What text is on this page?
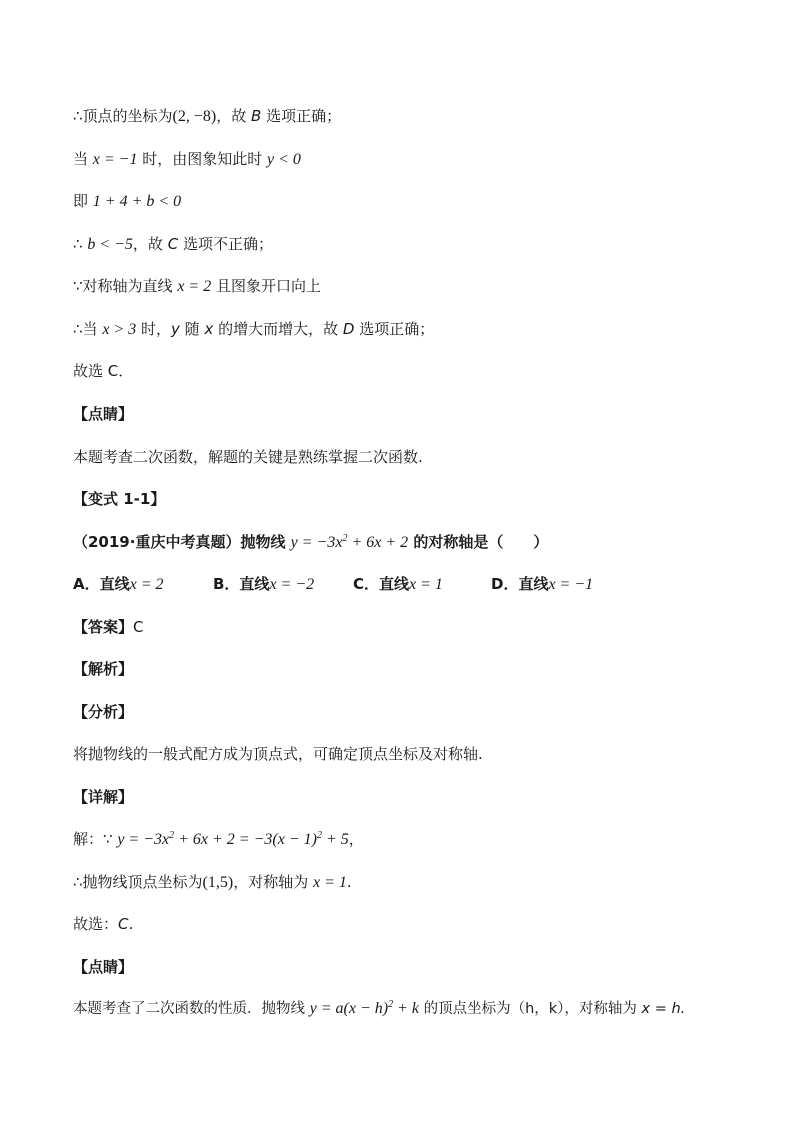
∴顶点的坐标为(2, −8)，故 B 选项正确；
当 x = −1 时，由图象知此时 y < 0
即 1 + 4 + b < 0
∴ b < −5，故 C 选项不正确；
∵对称轴为直线 x = 2 且图象开口向上
∴当 x > 3 时，y 随 x 的增大而增大，故 D 选项正确；
故选 C．
【点睛】
本题考查二次函数，解题的关键是熟练掌握二次函数.
【变式 1-1】
（2019·重庆中考真题）抛物线 $y = -3x^2 + 6x + 2$ 的对称轴是（　　）
A．直线x = 2	B．直线x = −2	C．直线x = 1	D．直线x = −1
【答案】C
【解析】
【分析】
将抛物线的一般式配方成为顶点式，可确定顶点坐标及对称轴.
【详解】
解：∵ $y = -3x^2 + 6x + 2 = -3(x - 1)^2 + 5$，
∴抛物线顶点坐标为(1,5)，对称轴为 x = 1.
故选：C.
【点睛】
本题考查了二次函数的性质．抛物线 $y = a(x - h)^2 + k$ 的顶点坐标为（h，k），对称轴为 x = h.
